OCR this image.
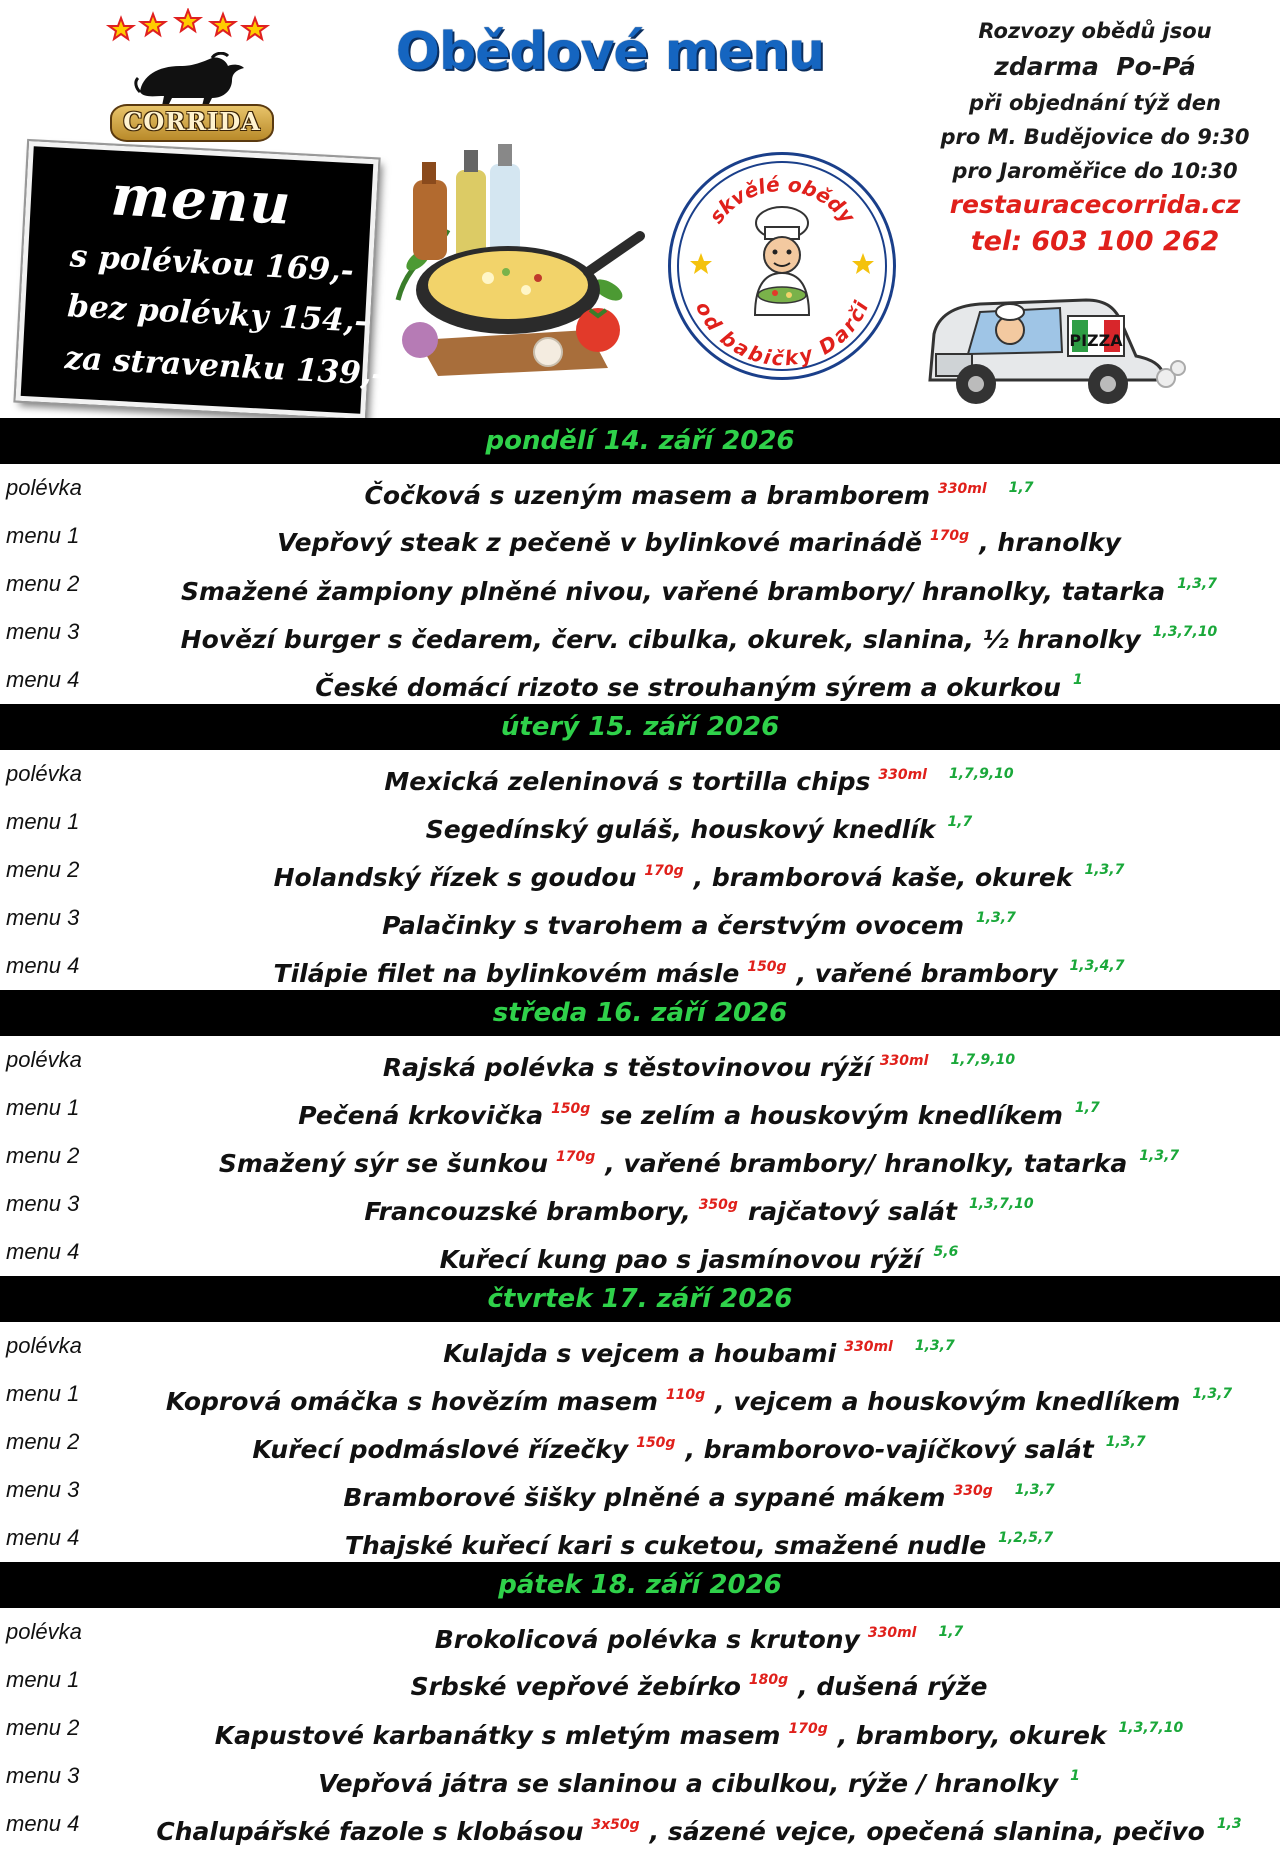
CORRIDA
Obědové menu
menu
s polévkou 169,-
bez polévky 154,-
za stravenku 139,-
skvělé obědy
od babičky Darči
Rozvozy obědů jsou
zdarma Po-Pá
při objednání týž den
pro M. Budějovice do 9:30
pro Jaroměřice do 10:30
restauracecorrida.cz
tel: 603 100 262
PIZZA
pondělí 14. září 2026
polévka	Čočková s uzeným masem a bramborem $^{330ml}$ $^{1,7}$
menu 1	Vepřový steak z pečeně v bylinkové marinádě $^{170g}$ , hranolky
menu 2	Smažené žampiony plněné nivou, vařené brambory/ hranolky, tatarka $^{1,3,7}$
menu 3	Hovězí burger s čedarem, červ. cibulka, okurek, slanina, ½ hranolky $^{1,3,7,10}$
menu 4	České domácí rizoto se strouhaným sýrem a okurkou $^1$
úterý 15. září 2026
polévka	Mexická zeleninová s tortilla chips $^{330ml}$ $^{1,7,9,10}$
menu 1	Segedínský guláš, houskový knedlík $^{1,7}$
menu 2	Holandský řízek s goudou $^{170g}$ , bramborová kaše, okurek $^{1,3,7}$
menu 3	Palačinky s tvarohem a čerstvým ovocem $^{1,3,7}$
menu 4	Tilápie filet na bylinkovém másle $^{150g}$ , vařené brambory $^{1,3,4,7}$
středa 16. září 2026
polévka	Rajská polévka s těstovinovou rýží $^{330ml}$ $^{1,7,9,10}$
menu 1	Pečená krkovička $^{150g}$ se zelím a houskovým knedlíkem $^{1,7}$
menu 2	Smažený sýr se šunkou $^{170g}$ , vařené brambory/ hranolky, tatarka $^{1,3,7}$
menu 3	Francouzské brambory, $^{350g}$ rajčatový salát $^{1,3,7,10}$
menu 4	Kuřecí kung pao s jasmínovou rýží $^{5,6}$
čtvrtek 17. září 2026
polévka	Kulajda s vejcem a houbami $^{330ml}$ $^{1,3,7}$
menu 1	Koprová omáčka s hovězím masem $^{110g}$ , vejcem a houskovým knedlíkem $^{1,3,7}$
menu 2	Kuřecí podmáslové řízečky $^{150g}$ , bramborovo-vajíčkový salát $^{1,3,7}$
menu 3	Bramborové šišky plněné a sypané mákem $^{330g}$ $^{1,3,7}$
menu 4	Thajské kuřecí kari s cuketou, smažené nudle $^{1,2,5,7}$
pátek 18. září 2026
polévka	Brokolicová polévka s krutony $^{330ml}$ $^{1,7}$
menu 1	Srbské vepřové žebírko $^{180g}$ , dušená rýže
menu 2	Kapustové karbanátky s mletým masem $^{170g}$ , brambory, okurek $^{1,3,7,10}$
menu 3	Vepřová játra se slaninou a cibulkou, rýže / hranolky $^1$
menu 4	Chalupářské fazole s klobásou $^{3x50g}$ , sázené vejce, opečená slanina, pečivo $^{1,3}$
